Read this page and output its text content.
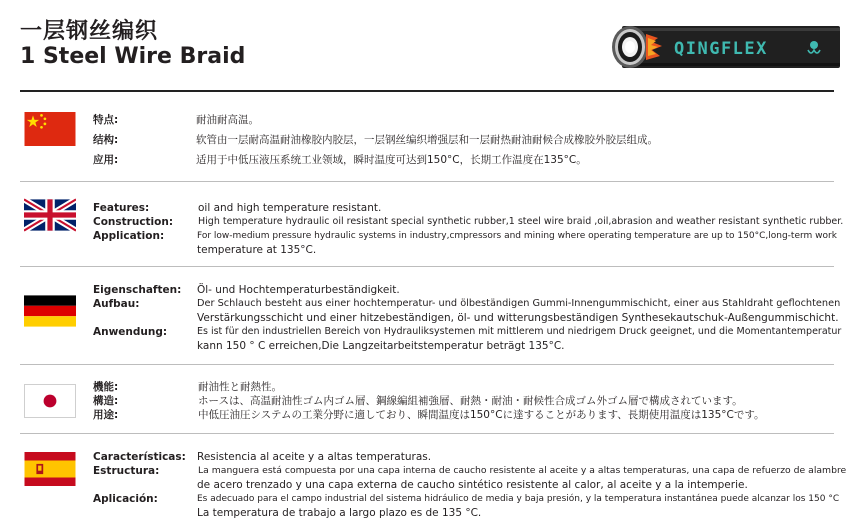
一层钢丝编织
1 Steel Wire Braid	QINGFLEX
特点:	耐油耐高温。
结构:	软管由一层耐高温耐油橡胶内胶层，一层钢丝编织增强层和一层耐热耐油耐候合成橡胶外胶层组成。
应用:	适用于中低压液压系统工业领域，瞬时温度可达到150°C，长期工作温度在135°C。
Features:	oil and high temperature resistant.
Construction:	High temperature hydraulic oil resistant special synthetic rubber,1 steel wire braid ,oil,abrasion and weather resistant synthetic rubber.
Application:	For low-medium pressure hydraulic systems in industry,cmpressors and mining where operating temperature are up to 150°C,long-term work
temperature at 135°C.
Eigenschaften: Öl- und Hochtemperaturbeständigkeit.
Aufbau:	Der Schlauch besteht aus einer hochtemperatur- und ölbeständigen Gummi-Innengummischicht, einer aus Stahldraht geflochtenen
Verstärkungsschicht und einer hitzebeständigen, öl- und witterungsbeständigen Synthesekautschuk-Außengummischicht.
Anwendung:	Es ist für den industriellen Bereich von Hydrauliksystemen mit mittlerem und niedrigem Druck geeignet, und die Momentantemperatur
kann 150 ° C erreichen,Die Langzeitarbeitstemperatur beträgt 135°C.
機能:	耐油性と耐熱性。
構造:	ホースは、高温耐油性ゴム内ゴム層、鋼線編組補強層、耐熱・耐油・耐候性合成ゴム外ゴム層で構成されています。
用途:	中低圧油圧システムの工業分野に適しており、瞬間温度は150°Cに達することがあります、長期使用温度は135°Cです。
Características: Resistencia al aceite y a altas temperaturas.
Estructura:	La manguera está compuesta por una capa interna de caucho resistente al aceite y a altas temperaturas, una capa de refuerzo de alambre
de acero trenzado y una capa externa de caucho sintético resistente al calor, al aceite y a la intemperie.
Aplicación:	Es adecuado para el campo industrial del sistema hidráulico de media y baja presión, y la temperatura instantánea puede alcanzar los 150 °C
La temperatura de trabajo a largo plazo es de 135 °C.
